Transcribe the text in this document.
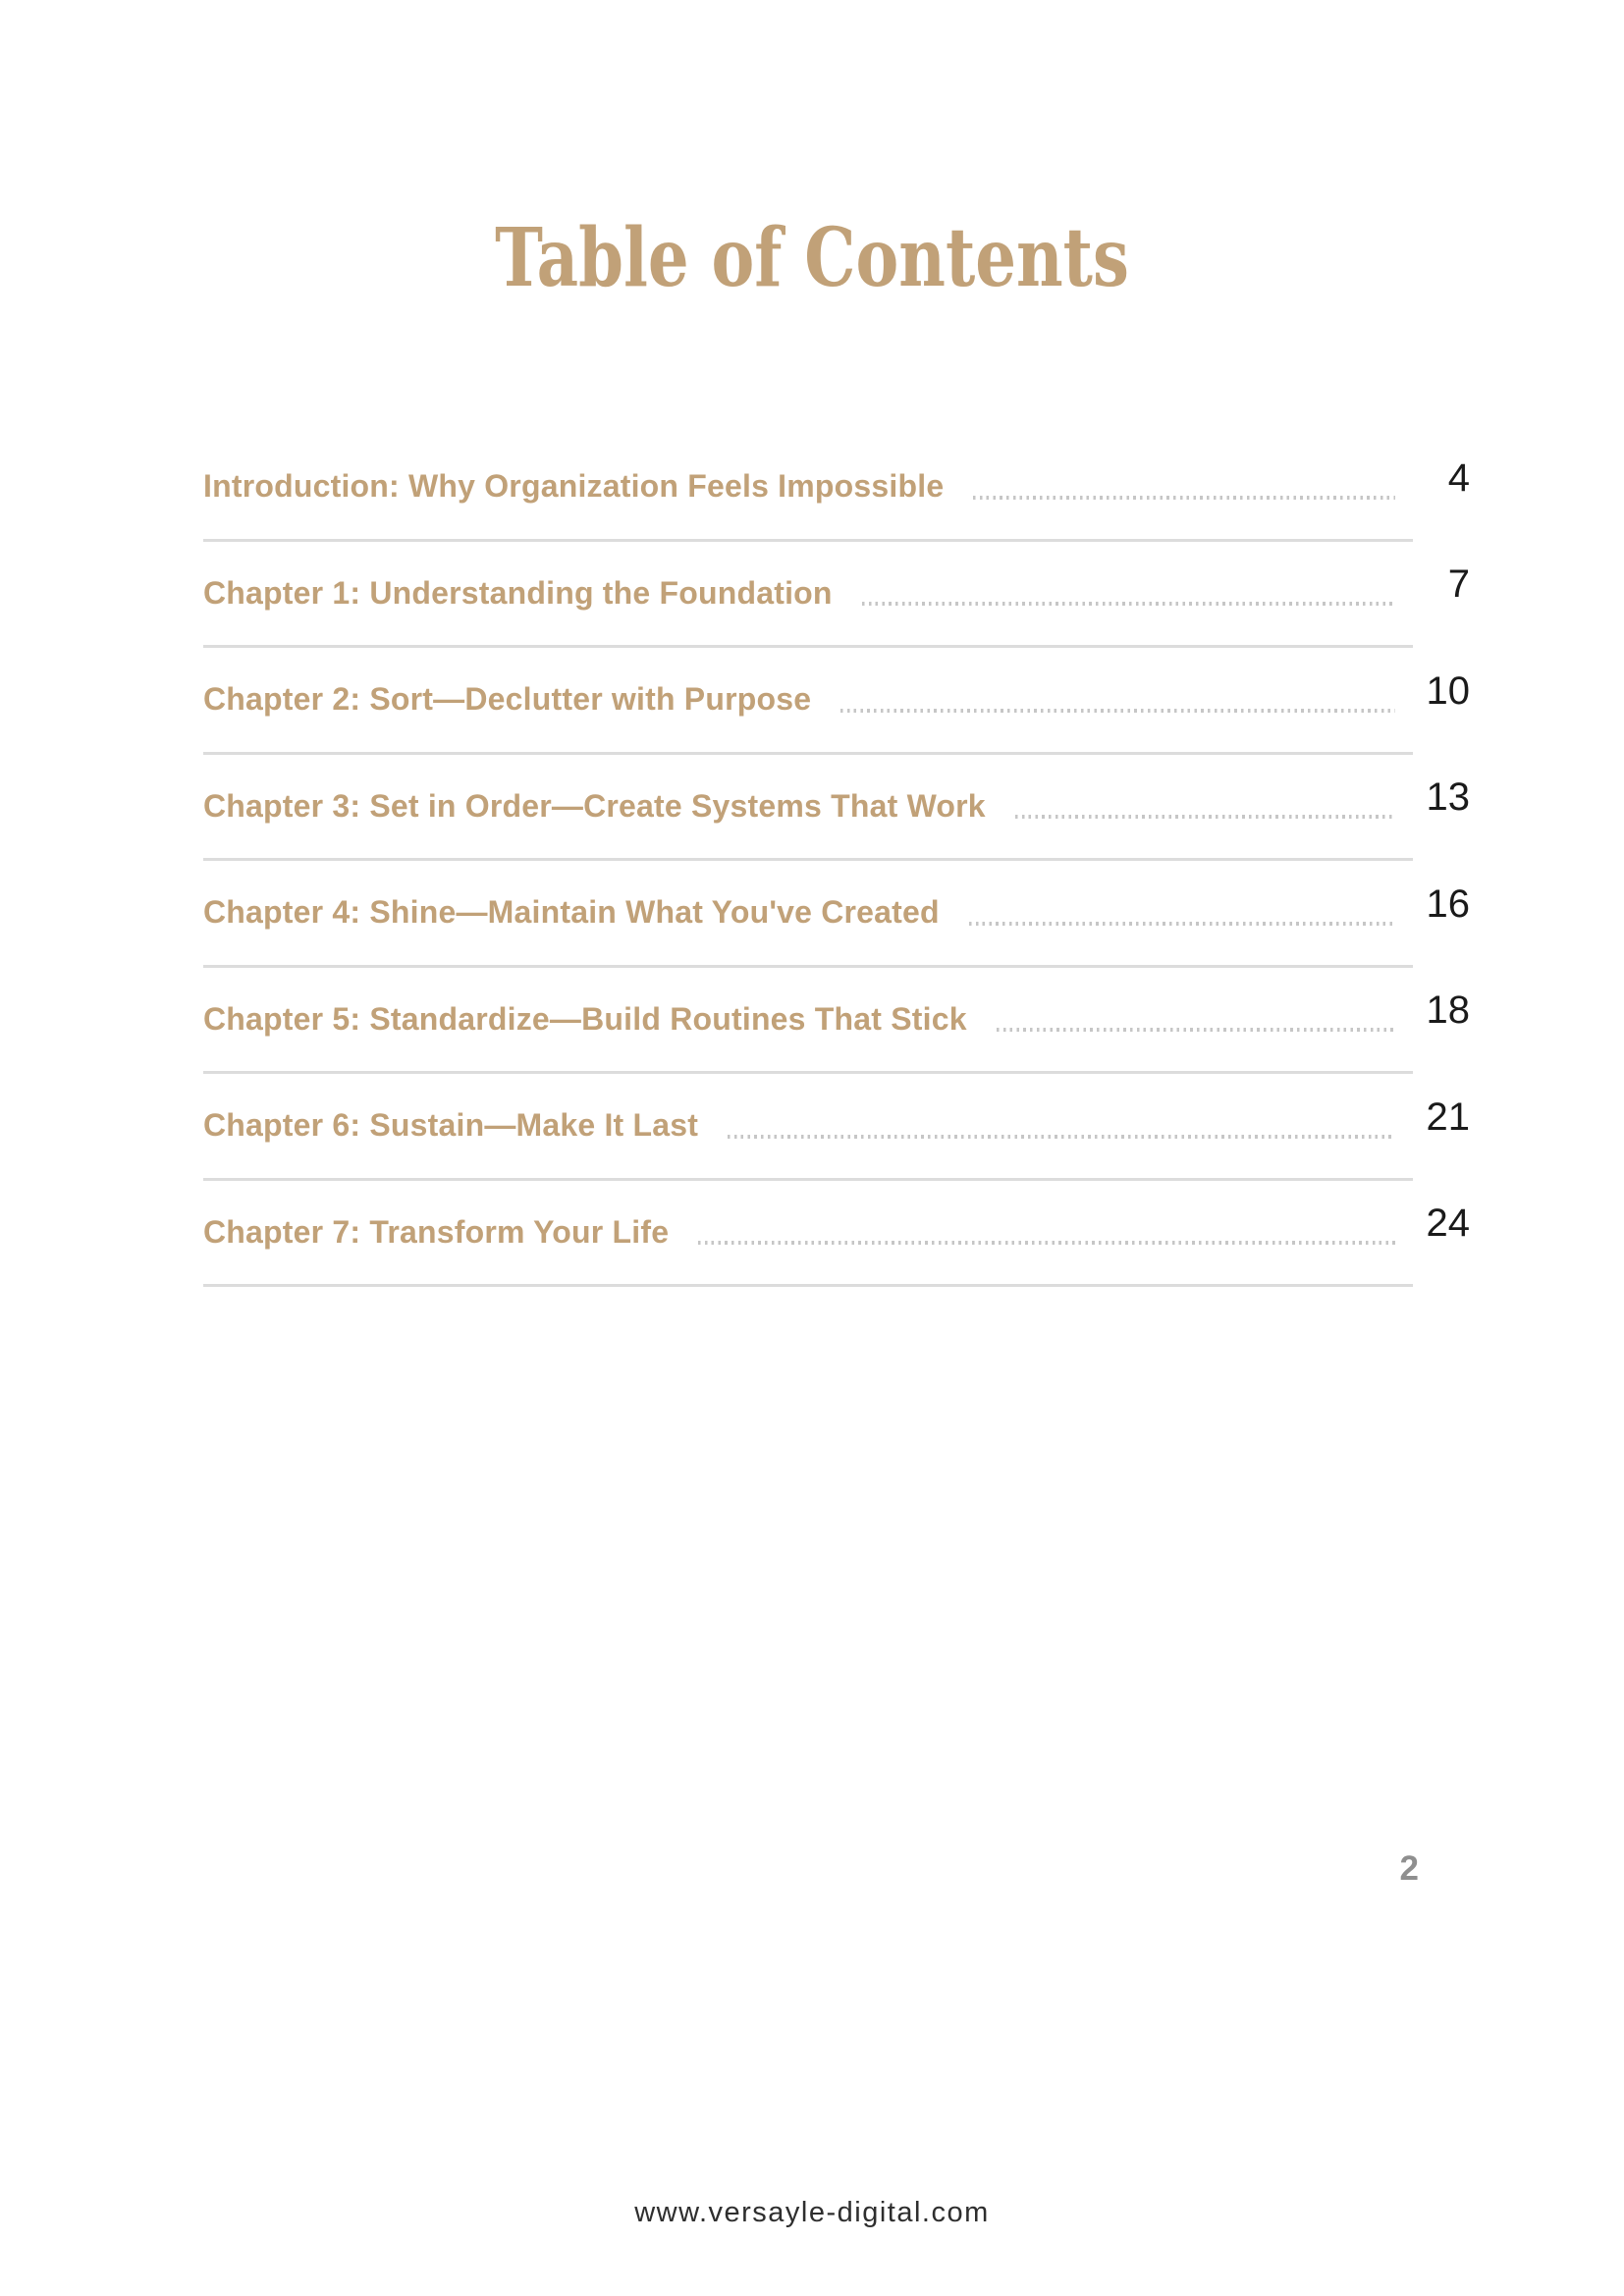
Table of Contents
Introduction: Why Organization Feels Impossible	4
Chapter 1: Understanding the Foundation	7
Chapter 2: Sort—Declutter with Purpose	10
Chapter 3: Set in Order—Create Systems That Work	13
Chapter 4: Shine—Maintain What You've Created	16
Chapter 5: Standardize—Build Routines That Stick	18
Chapter 6: Sustain—Make It Last	21
Chapter 7: Transform Your Life	24
2
www.versayle-digital.com
